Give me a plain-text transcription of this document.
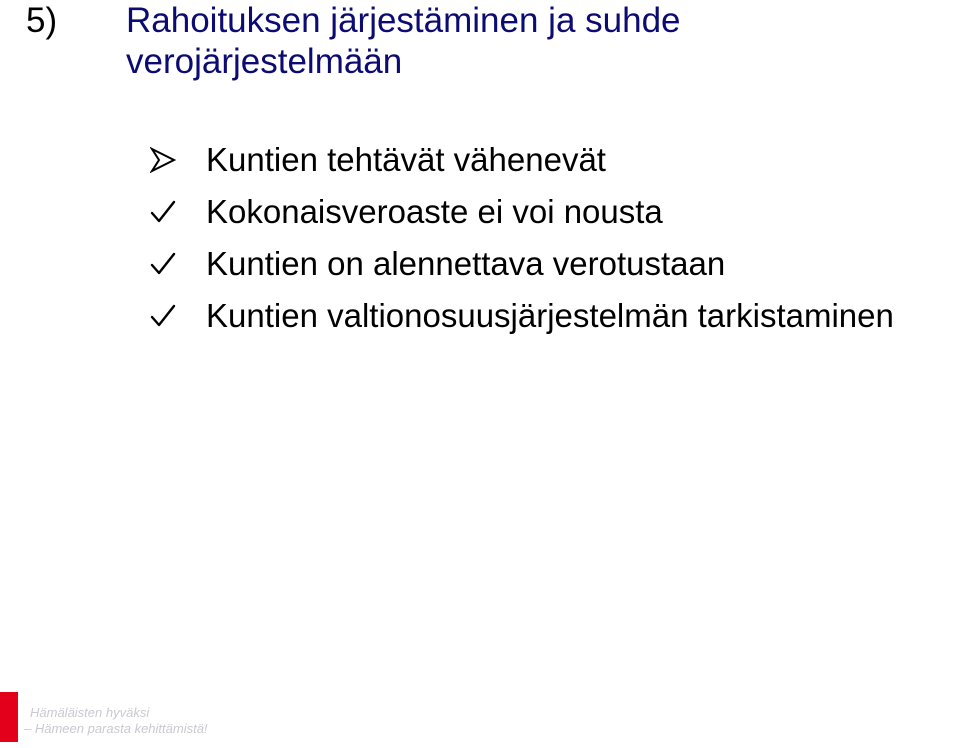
5) Rahoituksen järjestäminen ja suhde verojärjestelmään
Kuntien tehtävät vähenevät
Kokonaisveroaste ei voi nousta
Kuntien on alennettava verotustaan
Kuntien valtionosuusjärjestelmän tarkistaminen
Hämäläisten hyväksi
– Hämeen parasta kehittämistä!
